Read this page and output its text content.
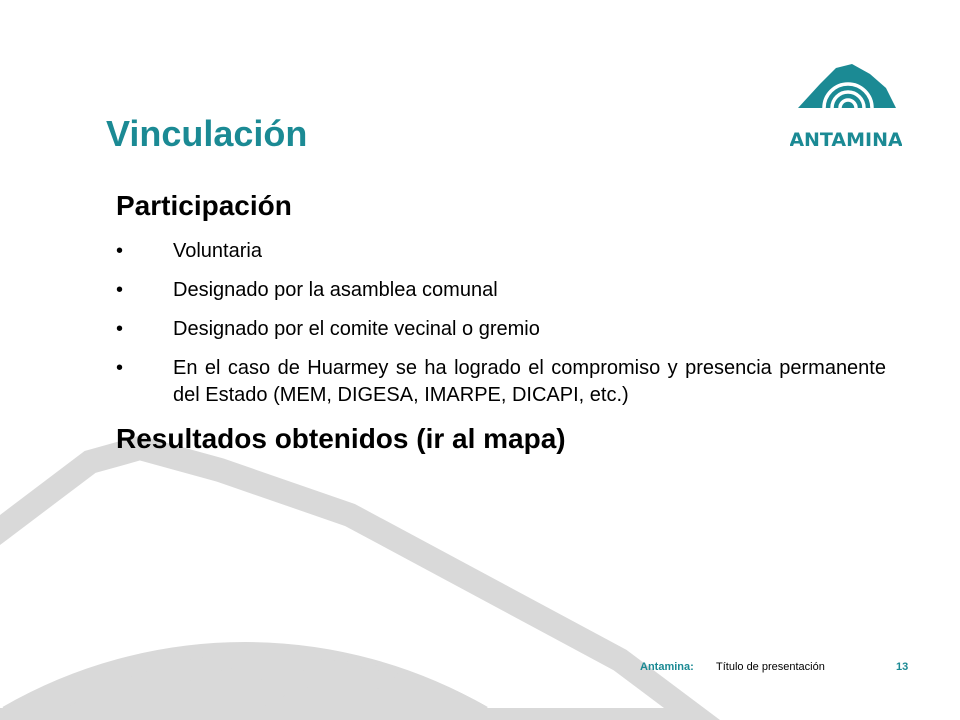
ANTAMINA
Vinculación
Participación
•	Voluntaria
•	Designado por la asamblea comunal
•	Designado por el comite vecinal o gremio
•	En el caso de Huarmey se ha logrado el compromiso y presencia permanente del Estado (MEM, DIGESA, IMARPE, DICAPI, etc.)
Resultados obtenidos (ir al mapa)
Antamina: Título de presentación	13
